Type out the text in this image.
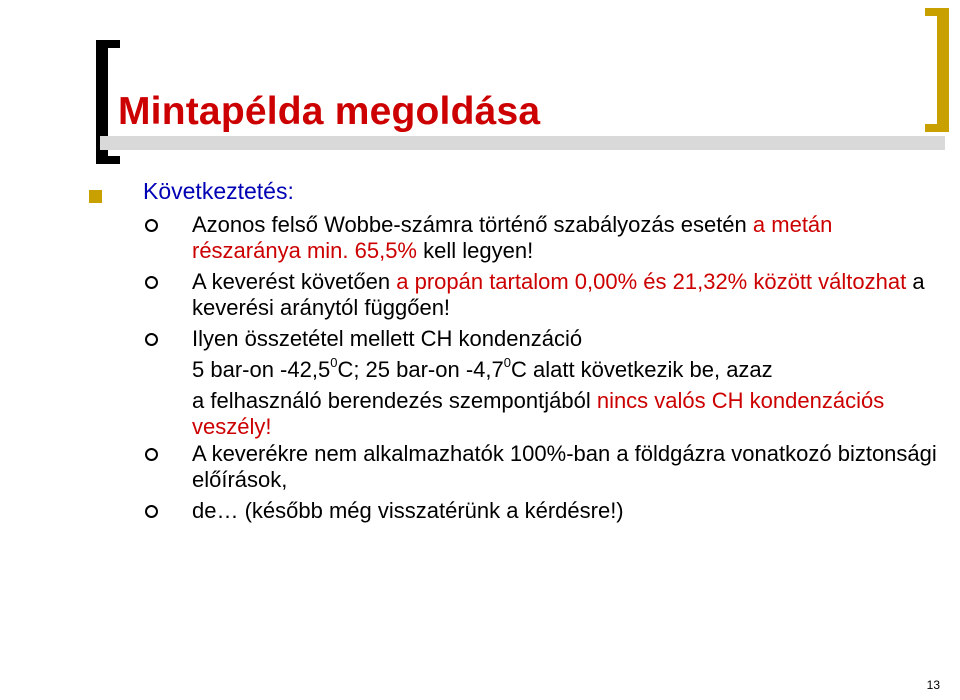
Mintapélda megoldása
Következtetés:
Azonos felső Wobbe-számra történő szabályozás esetén a metán részaránya min. 65,5% kell legyen!
A keverést követően a propán tartalom 0,00% és 21,32% között változhat a keverési aránytól függően!
Ilyen összetétel mellett CH kondenzáció
5 bar-on -42,5$^0$C; 25 bar-on $-4,7^0C$ alatt következik be, azaz
a felhasználó berendezés szempontjából nincs valós CH kondenzációs veszély!
A keverékre nem alkalmazhatók 100%-ban a földgázra vonatkozó biztonsági előírások,
de… (később még visszatérünk a kérdésre!)
13
